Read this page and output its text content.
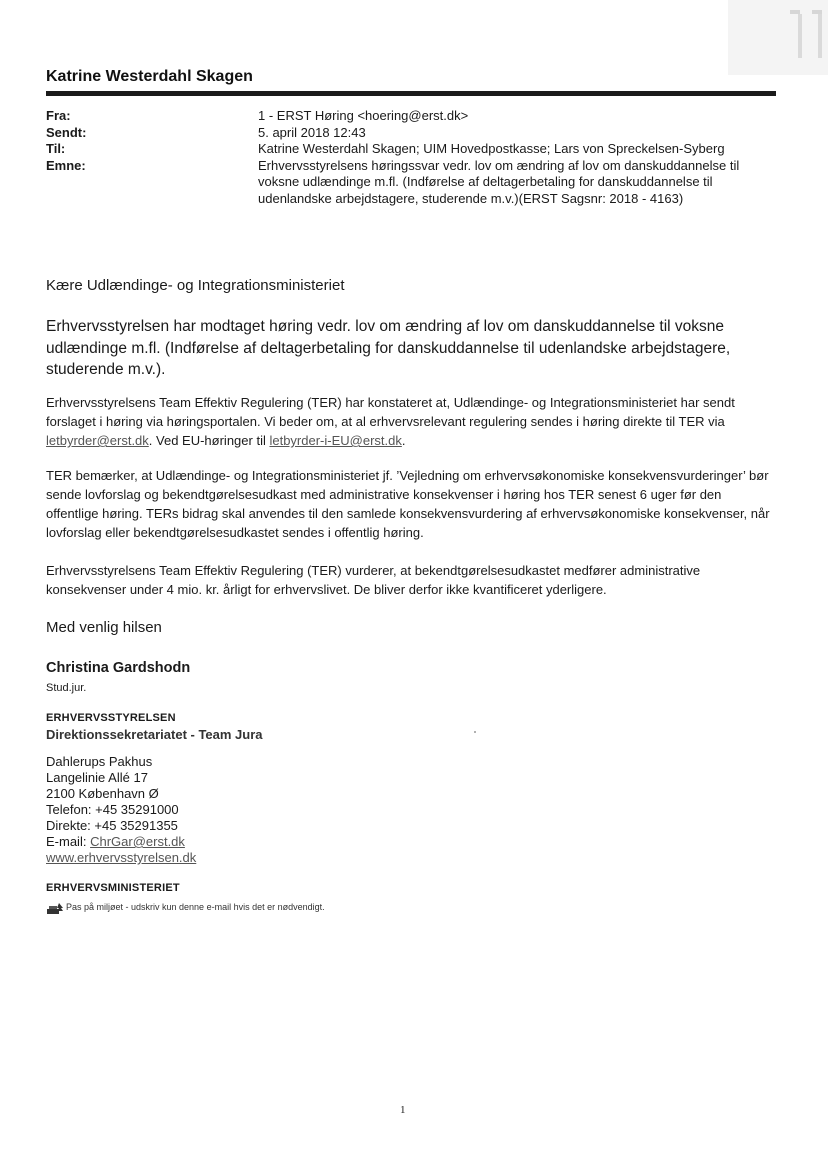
Katrine Westerdahl Skagen
Fra:	1 - ERST Høring <hoering@erst.dk>
Sendt:	5. april 2018 12:43
Til:	Katrine Westerdahl Skagen; UIM Hovedpostkasse; Lars von Spreckelsen-Syberg
Emne:	Erhvervsstyrelsens høringssvar vedr. lov om ændring af lov om danskuddannelse til voksne udlændinge m.fl. (Indførelse af deltagerbetaling for danskuddannelse til udenlandske arbejdstagere, studerende m.v.)(ERST Sagsnr: 2018 - 4163)
Kære Udlændinge- og Integrationsministeriet
Erhvervsstyrelsen har modtaget høring vedr. lov om ændring af lov om danskuddannelse til voksne udlændinge m.fl. (Indførelse af deltagerbetaling for danskuddannelse til udenlandske arbejdstagere, studerende m.v.).
Erhvervsstyrelsens Team Effektiv Regulering (TER) har konstateret at, Udlændinge- og Integrationsministeriet har sendt forslaget i høring via høringsportalen. Vi beder om, at al erhvervsrelevant regulering sendes i høring direkte til TER via letbyrder@erst.dk. Ved EU-høringer til letbyrder-i-EU@erst.dk.
TER bemærker, at Udlændinge- og Integrationsministeriet jf. ’Vejledning om erhvervsøkonomiske konsekvensvurderinger’ bør sende lovforslag og bekendtgørelsesudkast med administrative konsekvenser i høring hos TER senest 6 uger før den offentlige høring. TERs bidrag skal anvendes til den samlede konsekvensvurdering af erhvervsøkonomiske konsekvenser, når lovforslag eller bekendtgørelsesudkastet sendes i offentlig høring.
Erhvervsstyrelsens Team Effektiv Regulering (TER) vurderer, at bekendtgørelsesudkastet medfører administrative konsekvenser under 4 mio. kr. årligt for erhvervslivet. De bliver derfor ikke kvantificeret yderligere.
Med venlig hilsen
Christina Gardshodn
Stud.jur.
ERHVERVSSTYRELSEN
Direktionssekretariatet - Team Jura
Dahlerups Pakhus
Langelinie Allé 17
2100 København Ø
Telefon: +45 35291000
Direkte: +45 35291355
E-mail: ChrGar@erst.dk
www.erhvervsstyrelsen.dk
ERHVERVSMINISTERIET
Pas på miljøet - udskriv kun denne e-mail hvis det er nødvendigt.
1
